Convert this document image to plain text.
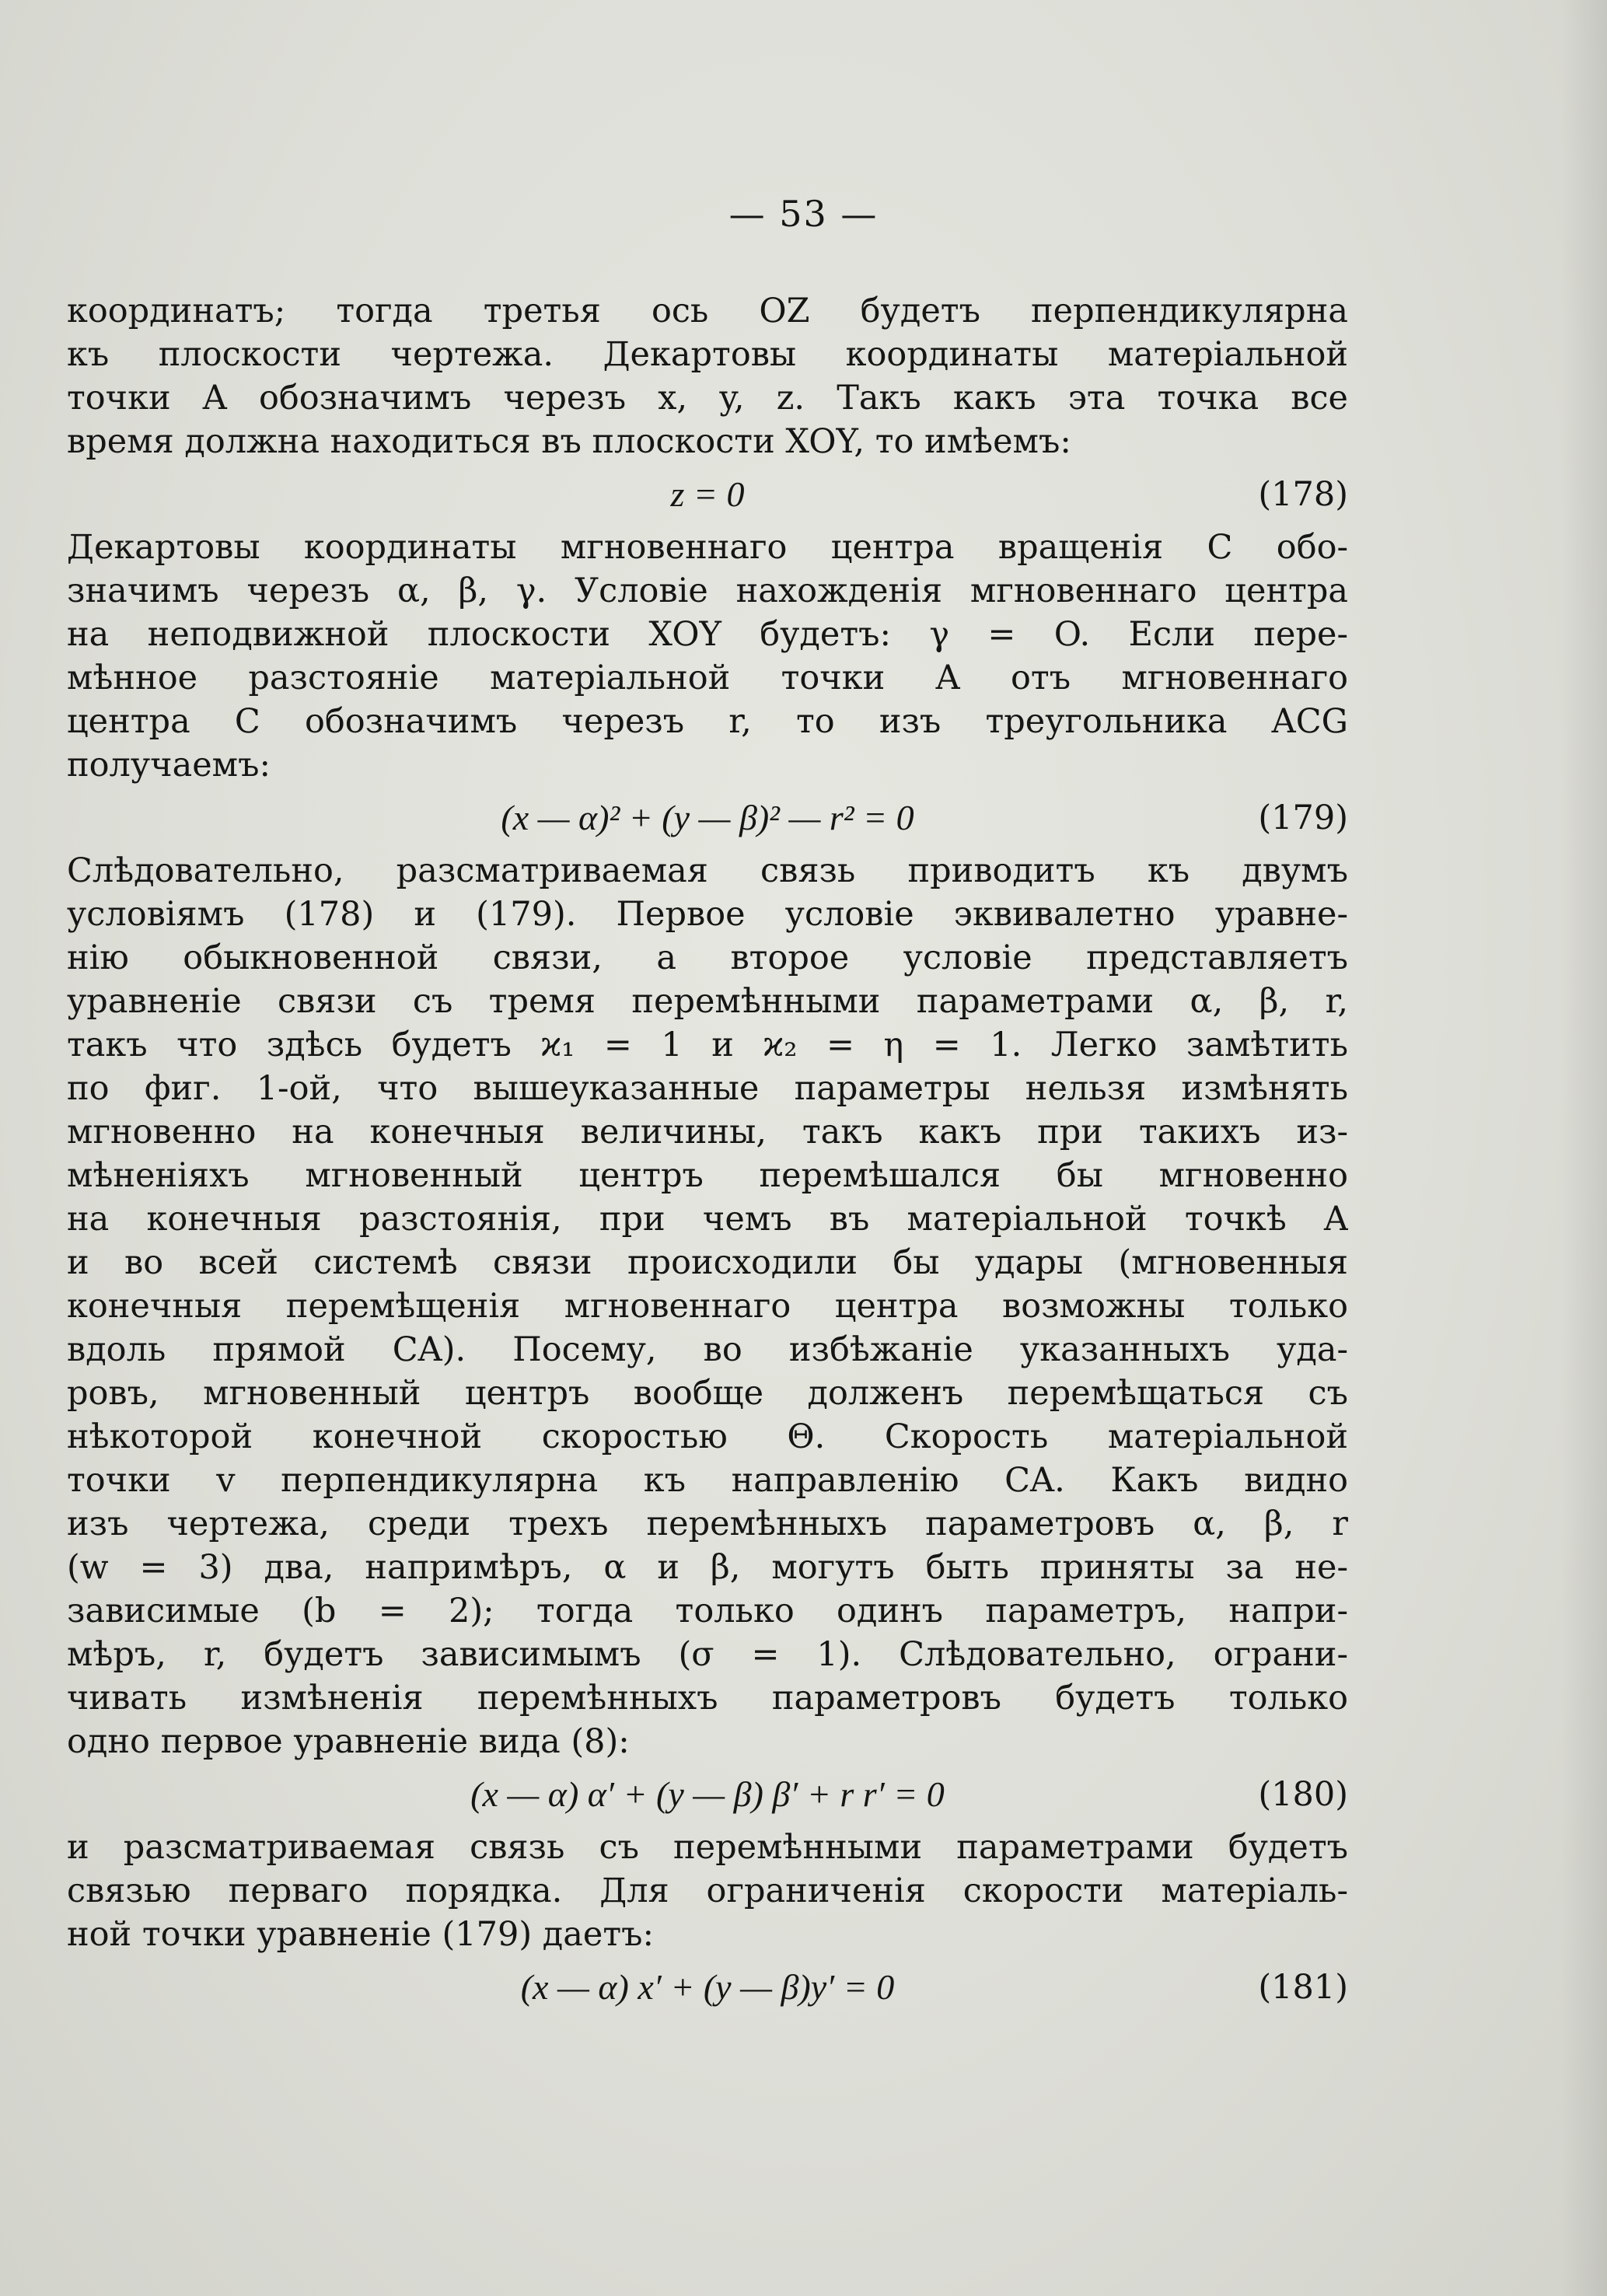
— 53 —
координатъ; тогда третья ось OZ будетъ перпендикулярна
къ плоскости чертежа. Декартовы координаты матеріальной
точки A обозначимъ черезъ x, y, z. Такъ какъ эта точка все
время должна находиться въ плоскости XOY, то имѣемъ:
z = 0	(178)
Декартовы координаты мгновеннаго центра вращенія C обо-
значимъ черезъ α, β, γ. Условіе нахожденія мгновеннаго центра
на неподвижной плоскости XOY будетъ: γ = O. Если пере-
мѣнное разстояніе матеріальной точки A отъ мгновеннаго
центра C обозначимъ черезъ r, то изъ треугольника ACG
получаемъ:
(x — α)² + (y — β)² — r² = 0	(179)
Слѣдовательно, разсматриваемая связь приводитъ къ двумъ
условіямъ (178) и (179). Первое условіе эквивалетно уравне-
нію обыкновенной связи, а второе условіе представляетъ
уравненіе связи съ тремя перемѣнными параметрами α, β, r,
такъ что здѣсь будетъ ϰ₁ = 1 и ϰ₂ = η = 1. Легко замѣтить
по фиг. 1-ой, что вышеуказанные параметры нельзя измѣнять
мгновенно на конечныя величины, такъ какъ при такихъ из-
мѣненіяхъ мгновенный центръ перемѣшался бы мгновенно
на конечныя разстоянія, при чемъ въ матеріальной точкѣ A
и во всей системѣ связи происходили бы удары (мгновенныя
конечныя перемѣщенія мгновеннаго центра возможны только
вдоль прямой CA). Посему, во избѣжаніе указанныхъ уда-
ровъ, мгновенный центръ вообще долженъ перемѣщаться съ
нѣкоторой конечной скоростью Θ. Скорость матеріальной
точки v перпендикулярна къ направленію CA. Какъ видно
изъ чертежа, среди трехъ перемѣнныхъ параметровъ α, β, r
(w = 3) два, напримѣръ, α и β, могутъ быть приняты за не-
зависимые (b = 2); тогда только одинъ параметръ, напри-
мѣръ, r, будетъ зависимымъ (σ = 1). Слѣдовательно, ограни-
чивать измѣненія перемѣнныхъ параметровъ будетъ только
одно первое уравненіе вида (8):
(x — α) α′ + (y — β) β′ + r r′ = 0	(180)
и разсматриваемая связь съ перемѣнными параметрами будетъ
связью перваго порядка. Для ограниченія скорости матеріаль-
ной точки уравненіе (179) даетъ:
(x — α) x′ + (y — β)y′ = 0	(181)
